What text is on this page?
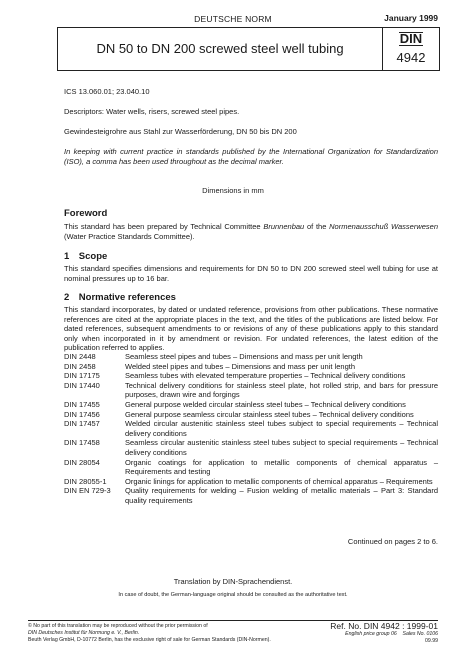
DEUTSCHE NORM	January 1999
DN 50 to DN 200 screwed steel well tubing
DIN
4942
ICS 13.060.01; 23.040.10
Descriptors: Water wells, risers, screwed steel pipes.
Gewindesteigrohre aus Stahl zur Wasserförderung, DN 50 bis DN 200
In keeping with current practice in standards published by the International Organization for Standardization (ISO), a comma has been used throughout as the decimal marker.
Dimensions in mm
Foreword
This standard has been prepared by Technical Committee Brunnenbau of the Normenausschuß Wasserwesen (Water Practice Standards Committee).
1 Scope
This standard specifies dimensions and requirements for DN 50 to DN 200 screwed steel well tubing for use at nominal pressures up to 16 bar.
2 Normative references
This standard incorporates, by dated or undated reference, provisions from other publications. These normative references are cited at the appropriate places in the text, and the titles of the publications are listed below. For dated references, subsequent amendments to or revisions of any of these publications apply to this standard only when incorporated in it by amendment or revision. For undated references, the latest edition of the publication referred to applies.
DIN 2448	Seamless steel pipes and tubes – Dimensions and mass per unit length
DIN 2458	Welded steel pipes and tubes – Dimensions and mass per unit length
DIN 17175	Seamless tubes with elevated temperature properties – Technical delivery conditions
DIN 17440	Technical delivery conditions for stainless steel plate, hot rolled strip, and bars for pressure purposes, drawn wire and forgings
DIN 17455	General purpose welded circular stainless steel tubes – Technical delivery conditions
DIN 17456	General purpose seamless circular stainless steel tubes – Technical delivery conditions
DIN 17457	Welded circular austenitic stainless steel tubes subject to special requirements – Technical delivery conditions
DIN 17458	Seamless circular austenitic stainless steel tubes subject to special requirements – Technical delivery conditions
DIN 28054	Organic coatings for application to metallic components of chemical apparatus – Requirements and testing
DIN 28055-1	Organic linings for application to metallic components of chemical apparatus – Requirements
DIN EN 729-3	Quality requirements for welding – Fusion welding of metallic materials – Part 3: Standard quality requirements
Continued on pages 2 to 6.
Translation by DIN-Sprachendienst.
In case of doubt, the German-language original should be consulted as the authoritative text.
© No part of this translation may be reproduced without the prior permission of
DIN Deutsches Institut für Normung e. V., Berlin.
Beuth Verlag GmbH, D-10772 Berlin, has the exclusive right of sale for German Standards (DIN-Normen).
Ref. No. DIN 4942 : 1999-01
English price group 06 Sales No. 0106
09.99
